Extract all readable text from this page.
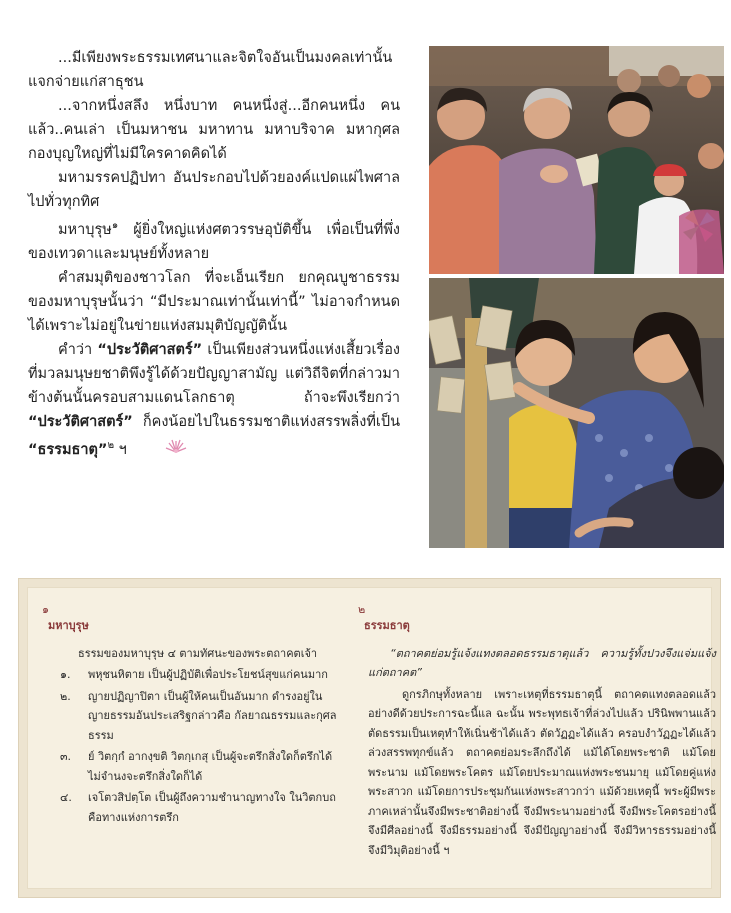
...มีเพียงพระธรรมเทศนาและจิตใจอันเป็นมงคลเท่านั้น แจกจ่ายแก่สาธุชน

...จากหนึ่งสลึง หนึ่งบาท คนหนึ่งสู่...อีกคนหนึ่ง คน แล้ว..คนเล่า เป็นมหาชน มหาทาน มหาบริจาค มหากุศล กองบุญใหญ่ที่ไม่มีใครคาดคิดได้

มหามรรคปฏิปทา อันประกอบไปด้วยองค์แปดแผ่ไพศาลไปทั่วทุกทิศ

มหาบุรุษ$^๑$ ผู้ยิ่งใหญ่แห่งศตวรรษอุบัติขึ้น เพื่อเป็นที่พึ่งของเทวดาและมนุษย์ทั้งหลาย

คำสมมุติของชาวโลก ที่จะเอ็นเรียก ยกคุณบูชาธรรมของมหาบุรุษนั้นว่า “มีประมาณเท่านั้นเท่านี้” ไม่อาจกำหนดได้เพราะไม่อยู่ในข่ายแห่งสมมุติบัญญัตินั้น

คำว่า “ประวัติศาสตร์” เป็นเพียงส่วนหนึ่งแห่งเสี้ยวเรื่องที่มวลมนุษยชาติพึงรู้ได้ด้วยปัญญาสามัญ แต่วิถีจิตที่กล่าวมาข้างต้นนั้นครอบสามแดนโลกธาตุ ถ้าจะพึงเรียกว่า “ประวัติศาสตร์” ก็คงน้อยไปในธรรมชาติแห่งสรรพลิ่งที่เป็น “ธรรมธาตุ”$^๒$ ฯ

๑
มหาบุรุษ

ธรรมของมหาบุรุษ ๔ ตามทัศนะของพระตถาคตเจ้า

๑. พหุชนหิตาย เป็นผู้ปฏิบัติเพื่อประโยชน์สุขแก่คนมาก
๒. ญายปฏิญาปิตา เป็นผู้ให้คนเป็นอันมาก ดำรงอยู่ในญายธรรมอันประเสริฐกล่าวคือ กัลยาณธรรมและกุศลธรรม
๓. ย์ วิตกฺกํ อากงฺขติ วิตกฺเกสุ เป็นผู้จะตรึกสิ่งใดก็ตรึกได้ ไม่จำนงจะตรึกสิ่งใดก็ได้
๔. เจโตวสิปตฺโต เป็นผู้ถึงความชำนาญทางใจ ในวิตกบถคือทางแห่งการตรึก
๒
ธรรมธาตุ

“ตถาคตย่อมรู้แจ้งแทงตลอดธรรมธาตุแล้ว ความรู้ทั้งปวงจึงแจ่มแจ้งแก่ตถาคต”

ดูกรภิกษุทั้งหลาย เพราะเหตุที่ธรรมธาตุนี้ ตถาคตแทงตลอดแล้วอย่างดีด้วยประการฉะนี้แล ฉะนั้น พระพุทธเจ้าที่ล่วงไปแล้ว ปรินิพพานแล้ว ตัดธรรมเป็นเหตุทำให้เนิ่นช้าได้แล้ว ตัดวัฏฏะได้แล้ว ครอบงำวัฏฏะได้แล้ว ล่วงสรรพทุกข์แล้ว ตถาคตย่อมระลึกถึงได้ แม้ได้โดยพระชาติ แม้โดยพระนาม แม้โดยพระโคตร แม้โดยประมาณแห่งพระชนมายุ แม้โดยคู่แห่งพระสาวก แม้โดยการประชุมกันแห่งพระสาวกว่า แม้ด้วยเหตุนี้ พระผู้มีพระภาคเหล่านั้นจึงมีพระชาติอย่างนี้ จึงมีพระนามอย่างนี้ จึงมีพระโคตรอย่างนี้ จึงมีศีลอย่างนี้ จึงมีธรรมอย่างนี้ จึงมีปัญญาอย่างนี้ จึงมีวิหารธรรมอย่างนี้ จึงมีวิมุติอย่างนี้ ฯ
